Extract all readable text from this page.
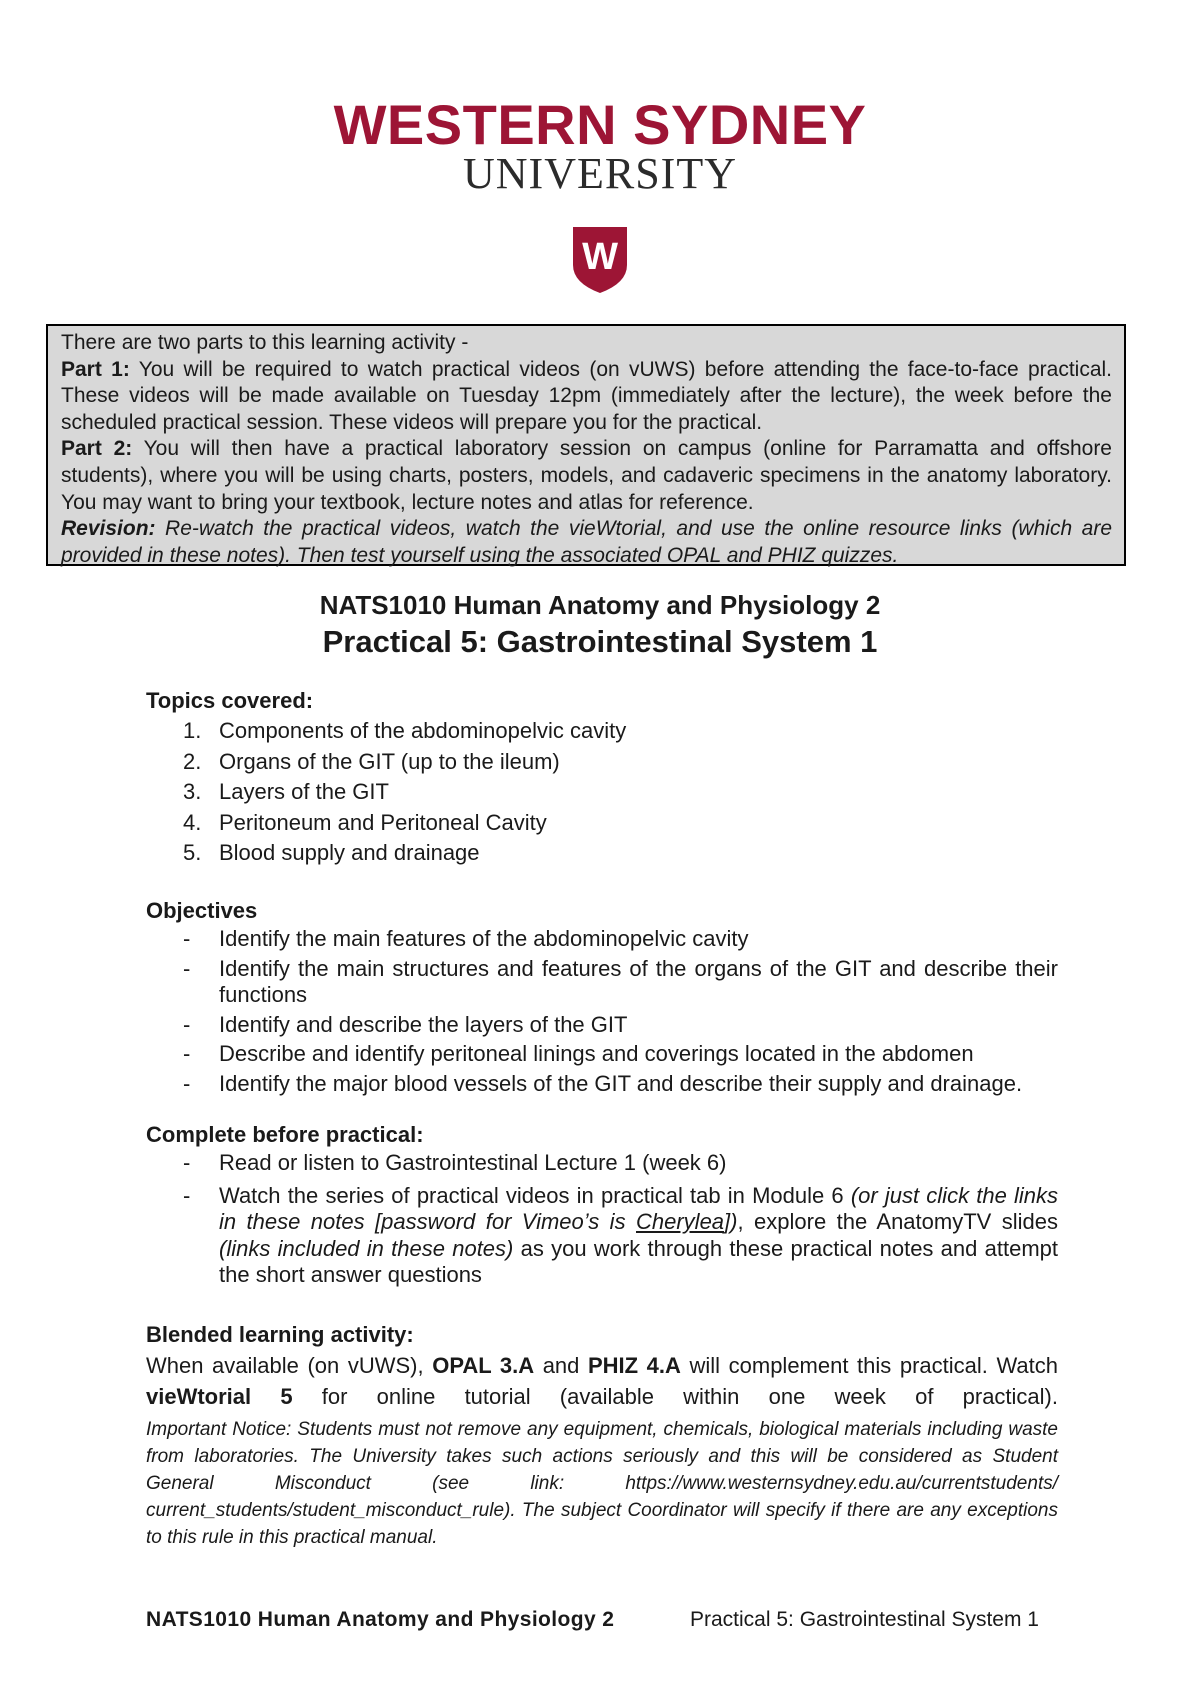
WESTERN SYDNEY
UNIVERSITY
W

There are two parts to this learning activity -

Part 1: You will be required to watch practical videos (on vUWS) before attending the face-to-face practical. These videos will be made available on Tuesday 12pm (immediately after the lecture), the week before the scheduled practical session. These videos will prepare you for the practical.

Part 2: You will then have a practical laboratory session on campus (online for Parramatta and offshore students), where you will be using charts, posters, models, and cadaveric specimens in the anatomy laboratory. You may want to bring your textbook, lecture notes and atlas for reference.

Revision: Re-watch the practical videos, watch the vieWtorial, and use the online resource links (which are provided in these notes). Then test yourself using the associated OPAL and PHIZ quizzes.

NATS1010 Human Anatomy and Physiology 2
Practical 5: Gastrointestinal System 1
Topics covered:
1. Components of the abdominopelvic cavity
2. Organs of the GIT (up to the ileum)
3. Layers of the GIT
4. Peritoneum and Peritoneal Cavity
5. Blood supply and drainage
Objectives
- Identify the main features of the abdominopelvic cavity
- Identify the main structures and features of the organs of the GIT and describe their functions
- Identify and describe the layers of the GIT
- Describe and identify peritoneal linings and coverings located in the abdomen
- Identify the major blood vessels of the GIT and describe their supply and drainage.
Complete before practical:
- Read or listen to Gastrointestinal Lecture 1 (week 6)
- Watch the series of practical videos in practical tab in Module 6 (or just click the links in these notes [password for Vimeo’s is Cherylea]), explore the AnatomyTV slides (links included in these notes) as you work through these practical notes and attempt the short answer questions
Blended learning activity:
When available (on vUWS), OPAL 3.A and PHIZ 4.A will complement this practical. Watch vieWtorial 5 for online tutorial (available within one week of practical).
Important Notice: Students must not remove any equipment, chemicals, biological materials including waste from laboratories. The University takes such actions seriously and this will be considered as Student General Misconduct (see link: https://www.westernsydney.edu.au/currentstudents/ current_students/student_misconduct_rule). The subject Coordinator will specify if there are any exceptions to this rule in this practical manual.
NATS1010 Human Anatomy and Physiology 2	Practical 5: Gastrointestinal System 1
